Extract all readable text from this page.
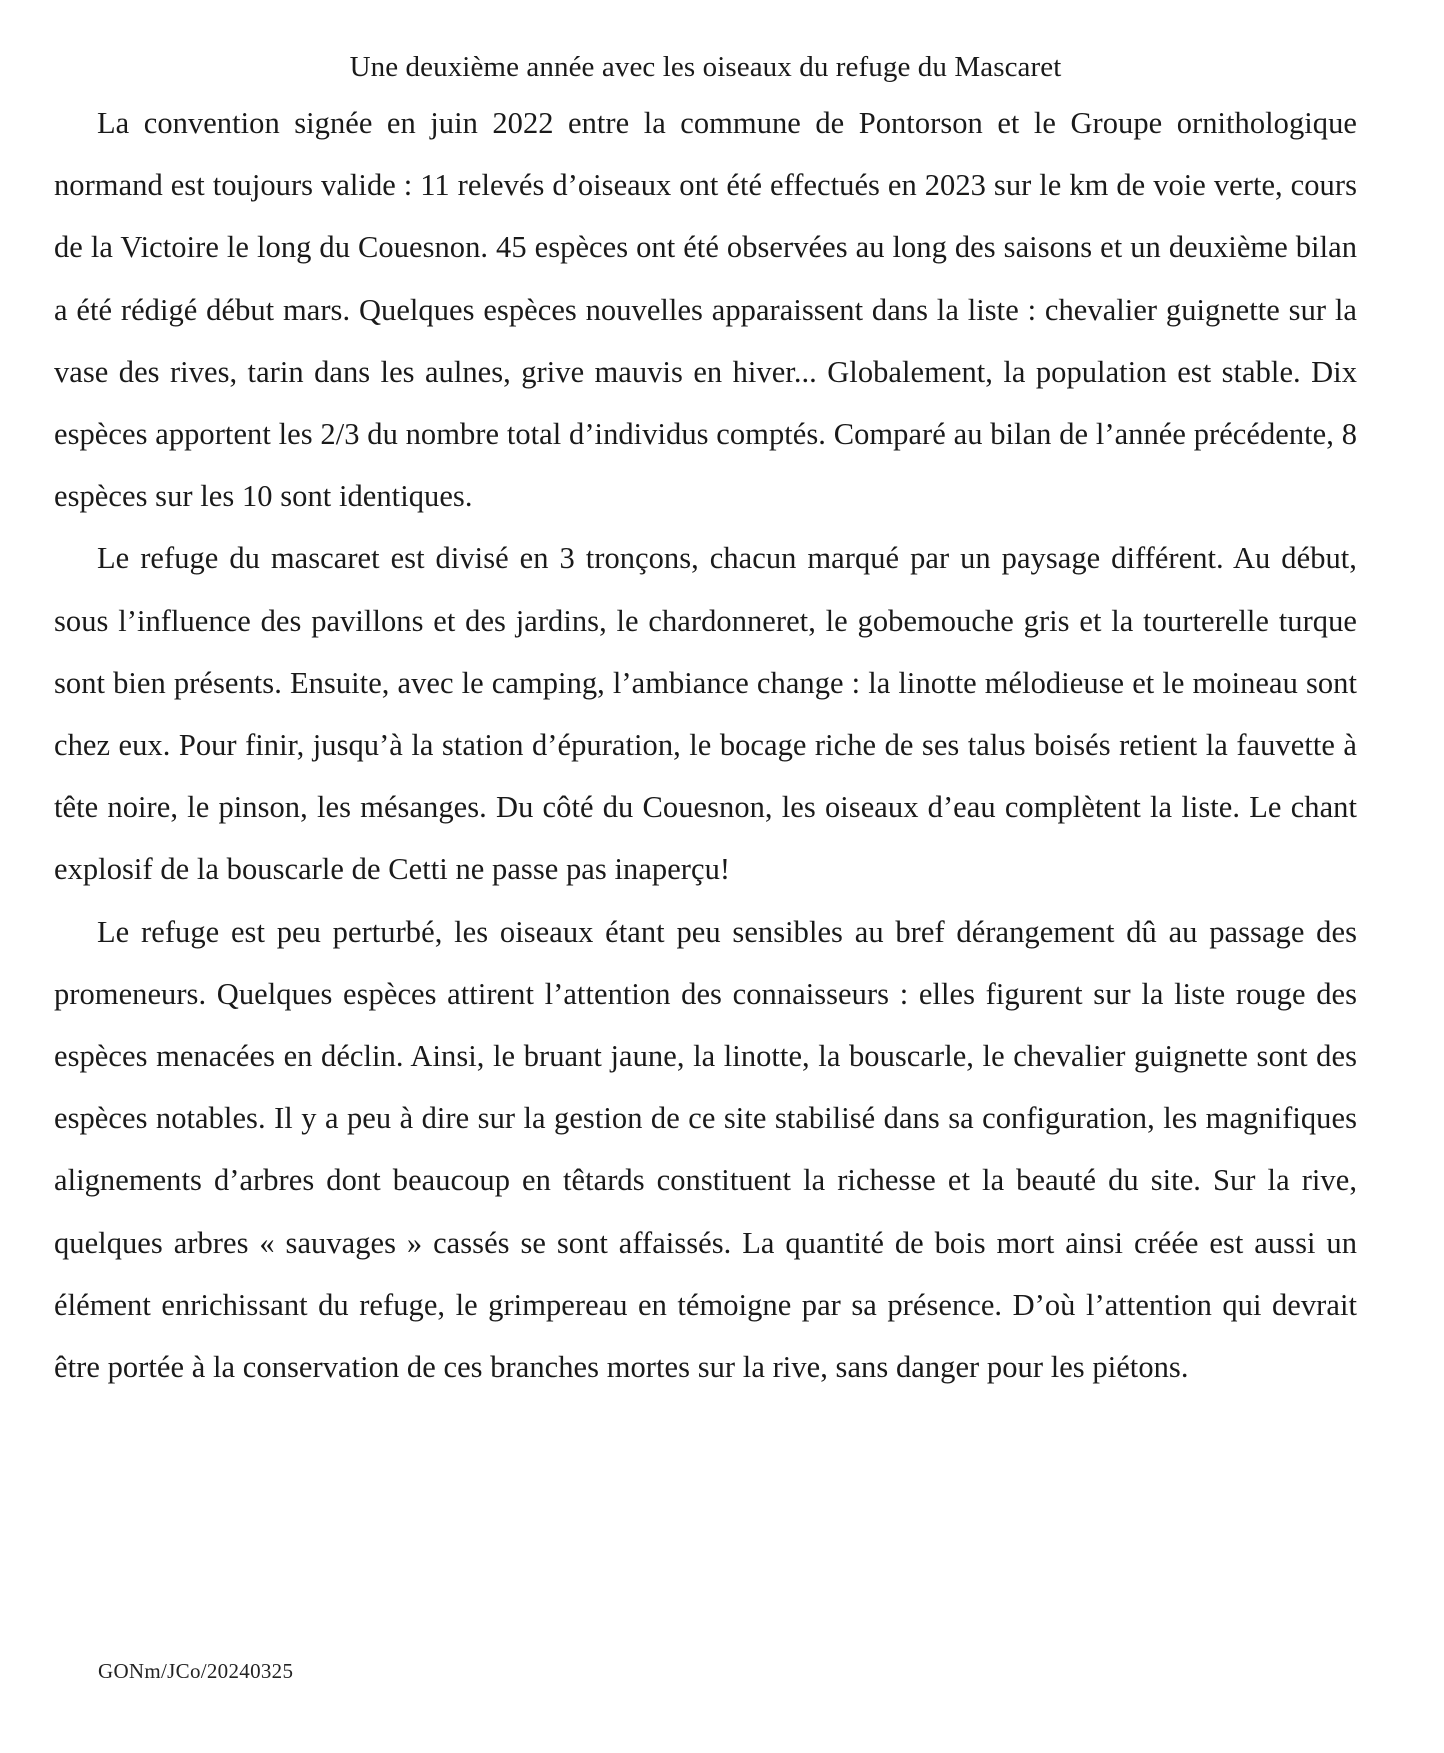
Une deuxième année avec les oiseaux du refuge du Mascaret

La convention signée en juin 2022 entre la commune de Pontorson et le Groupe ornithologique normand est toujours valide : 11 relevés d’oiseaux ont été effectués en 2023 sur le km de voie verte, cours de la Victoire le long du Couesnon. 45 espèces ont été observées au long des saisons et un deuxième bilan a été rédigé début mars. Quelques espèces nouvelles apparaissent dans la liste : chevalier guignette sur la vase des rives, tarin dans les aulnes, grive mauvis en hiver... Globalement, la population est stable. Dix espèces apportent les 2/3 du nombre total d’individus comptés. Comparé au bilan de l’année précédente, 8 espèces sur les 10 sont identiques.

Le refuge du mascaret est divisé en 3 tronçons, chacun marqué par un paysage différent. Au début, sous l’influence des pavillons et des jardins, le chardonneret, le gobemouche gris et la tourterelle turque sont bien présents. Ensuite, avec le camping, l’ambiance change : la linotte mélodieuse et le moineau sont chez eux. Pour finir, jusqu’à la station d’épuration, le bocage riche de ses talus boisés retient la fauvette à tête noire, le pinson, les mésanges. Du côté du Couesnon, les oiseaux d’eau complètent la liste. Le chant explosif de la bouscarle de Cetti ne passe pas inaperçu!

Le refuge est peu perturbé, les oiseaux étant peu sensibles au bref dérangement dû au passage des promeneurs. Quelques espèces attirent l’attention des connaisseurs : elles figurent sur la liste rouge des espèces menacées en déclin. Ainsi, le bruant jaune, la linotte, la bouscarle, le chevalier guignette sont des espèces notables. Il y a peu à dire sur la gestion de ce site stabilisé dans sa configuration, les magnifiques alignements d’arbres dont beaucoup en têtards constituent la richesse et la beauté du site. Sur la rive, quelques arbres « sauvages » cassés se sont affaissés. La quantité de bois mort ainsi créée est aussi un élément enrichissant du refuge, le grimpereau en témoigne par sa présence. D’où l’attention qui devrait être portée à la conservation de ces branches mortes sur la rive, sans danger pour les piétons.

GONm/JCo/20240325
